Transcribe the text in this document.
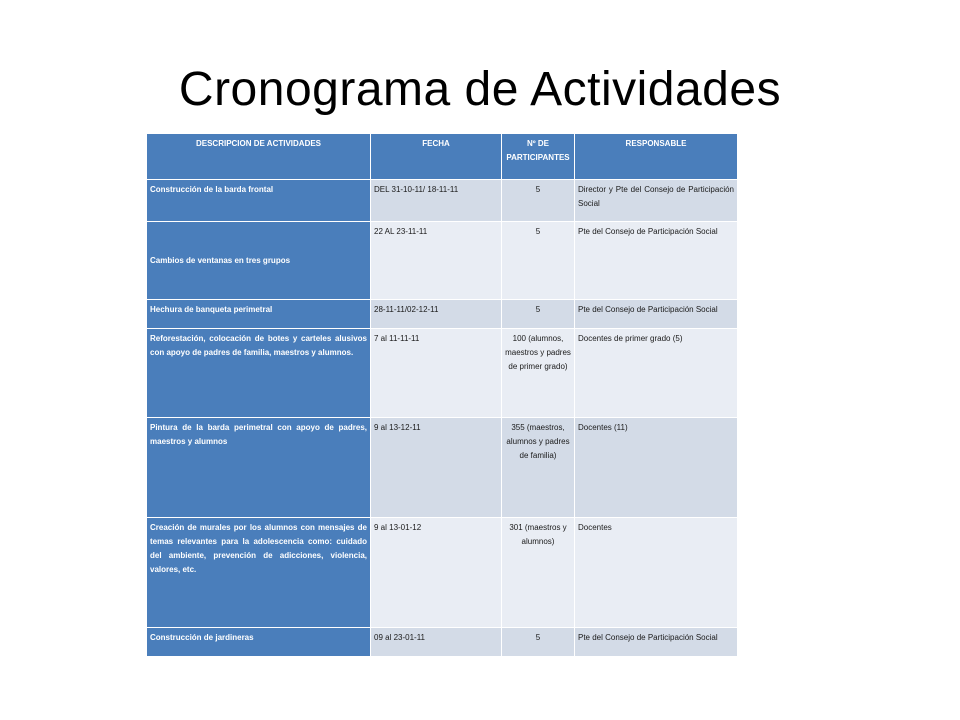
Cronograma de Actividades
DESCRIPCION DE ACTIVIDADES	FECHA	Nº DE PARTICIPANTES	RESPONSABLE
Construcción de la barda frontal	DEL 31-10-11/ 18-11-11	5	Director y Pte del Consejo de Participación Social
Cambios de ventanas en tres grupos	22 AL 23-11-11	5	Pte del Consejo de Participación Social
Hechura de banqueta perimetral	28-11-11/02-12-11	5	Pte del Consejo de Participación Social
Reforestación, colocación de botes y carteles alusivos con apoyo de padres de familia, maestros y alumnos.	7 al 11-11-11	100 (alumnos, maestros y padres de primer grado)	Docentes de primer grado (5)
Pintura de la barda perimetral con apoyo de padres, maestros y alumnos	9 al 13-12-11	355 (maestros, alumnos y padres de familia)	Docentes (11)
Creación de murales por los alumnos con mensajes de temas relevantes para la adolescencia como: cuidado del ambiente, prevención de adicciones, violencia, valores, etc.	9 al 13-01-12	301 (maestros y alumnos)	Docentes
Construcción de jardineras	09 al 23-01-11	5	Pte del Consejo de Participación Social
